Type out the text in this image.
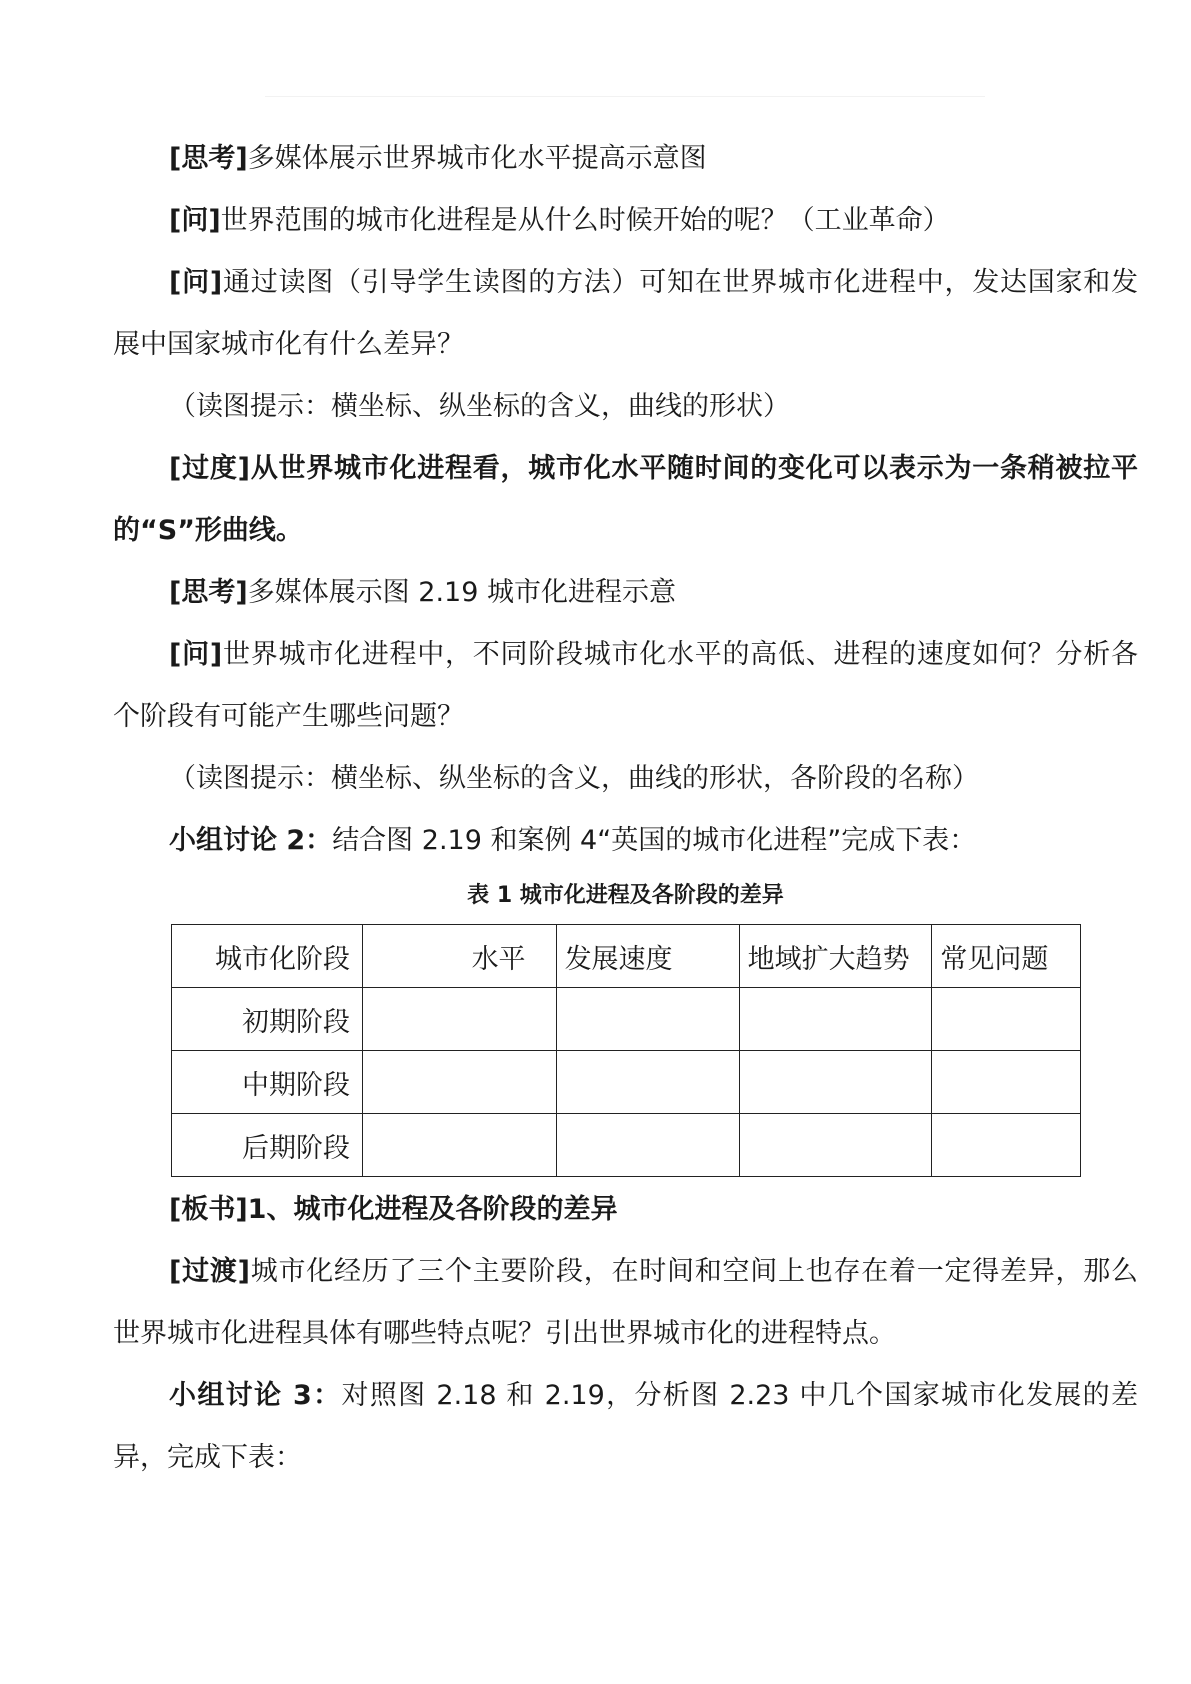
[思考]多媒体展示世界城市化水平提高示意图

[问]世界范围的城市化进程是从什么时候开始的呢？（工业革命）

[问]通过读图（引导学生读图的方法）可知在世界城市化进程中，发达国家和发展中国家城市化有什么差异？

（读图提示：横坐标、纵坐标的含义，曲线的形状）

[过度]从世界城市化进程看，城市化水平随时间的变化可以表示为一条稍被拉平的“S”形曲线。

[思考]多媒体展示图 2.19 城市化进程示意

[问]世界城市化进程中，不同阶段城市化水平的高低、进程的速度如何？分析各个阶段有可能产生哪些问题？

（读图提示：横坐标、纵坐标的含义，曲线的形状，各阶段的名称）

小组讨论 2：结合图 2.19 和案例 4“英国的城市化进程”完成下表：

表 1 城市化进程及各阶段的差异
城市化阶段	水平	发展速度	地域扩大趋势	常见问题
初期阶段				
中期阶段				
后期阶段				

[板书]1、城市化进程及各阶段的差异

[过渡]城市化经历了三个主要阶段，在时间和空间上也存在着一定得差异，那么世界城市化进程具体有哪些特点呢？引出世界城市化的进程特点。

小组讨论 3：对照图 2.18 和 2.19，分析图 2.23 中几个国家城市化发展的差异，完成下表：
